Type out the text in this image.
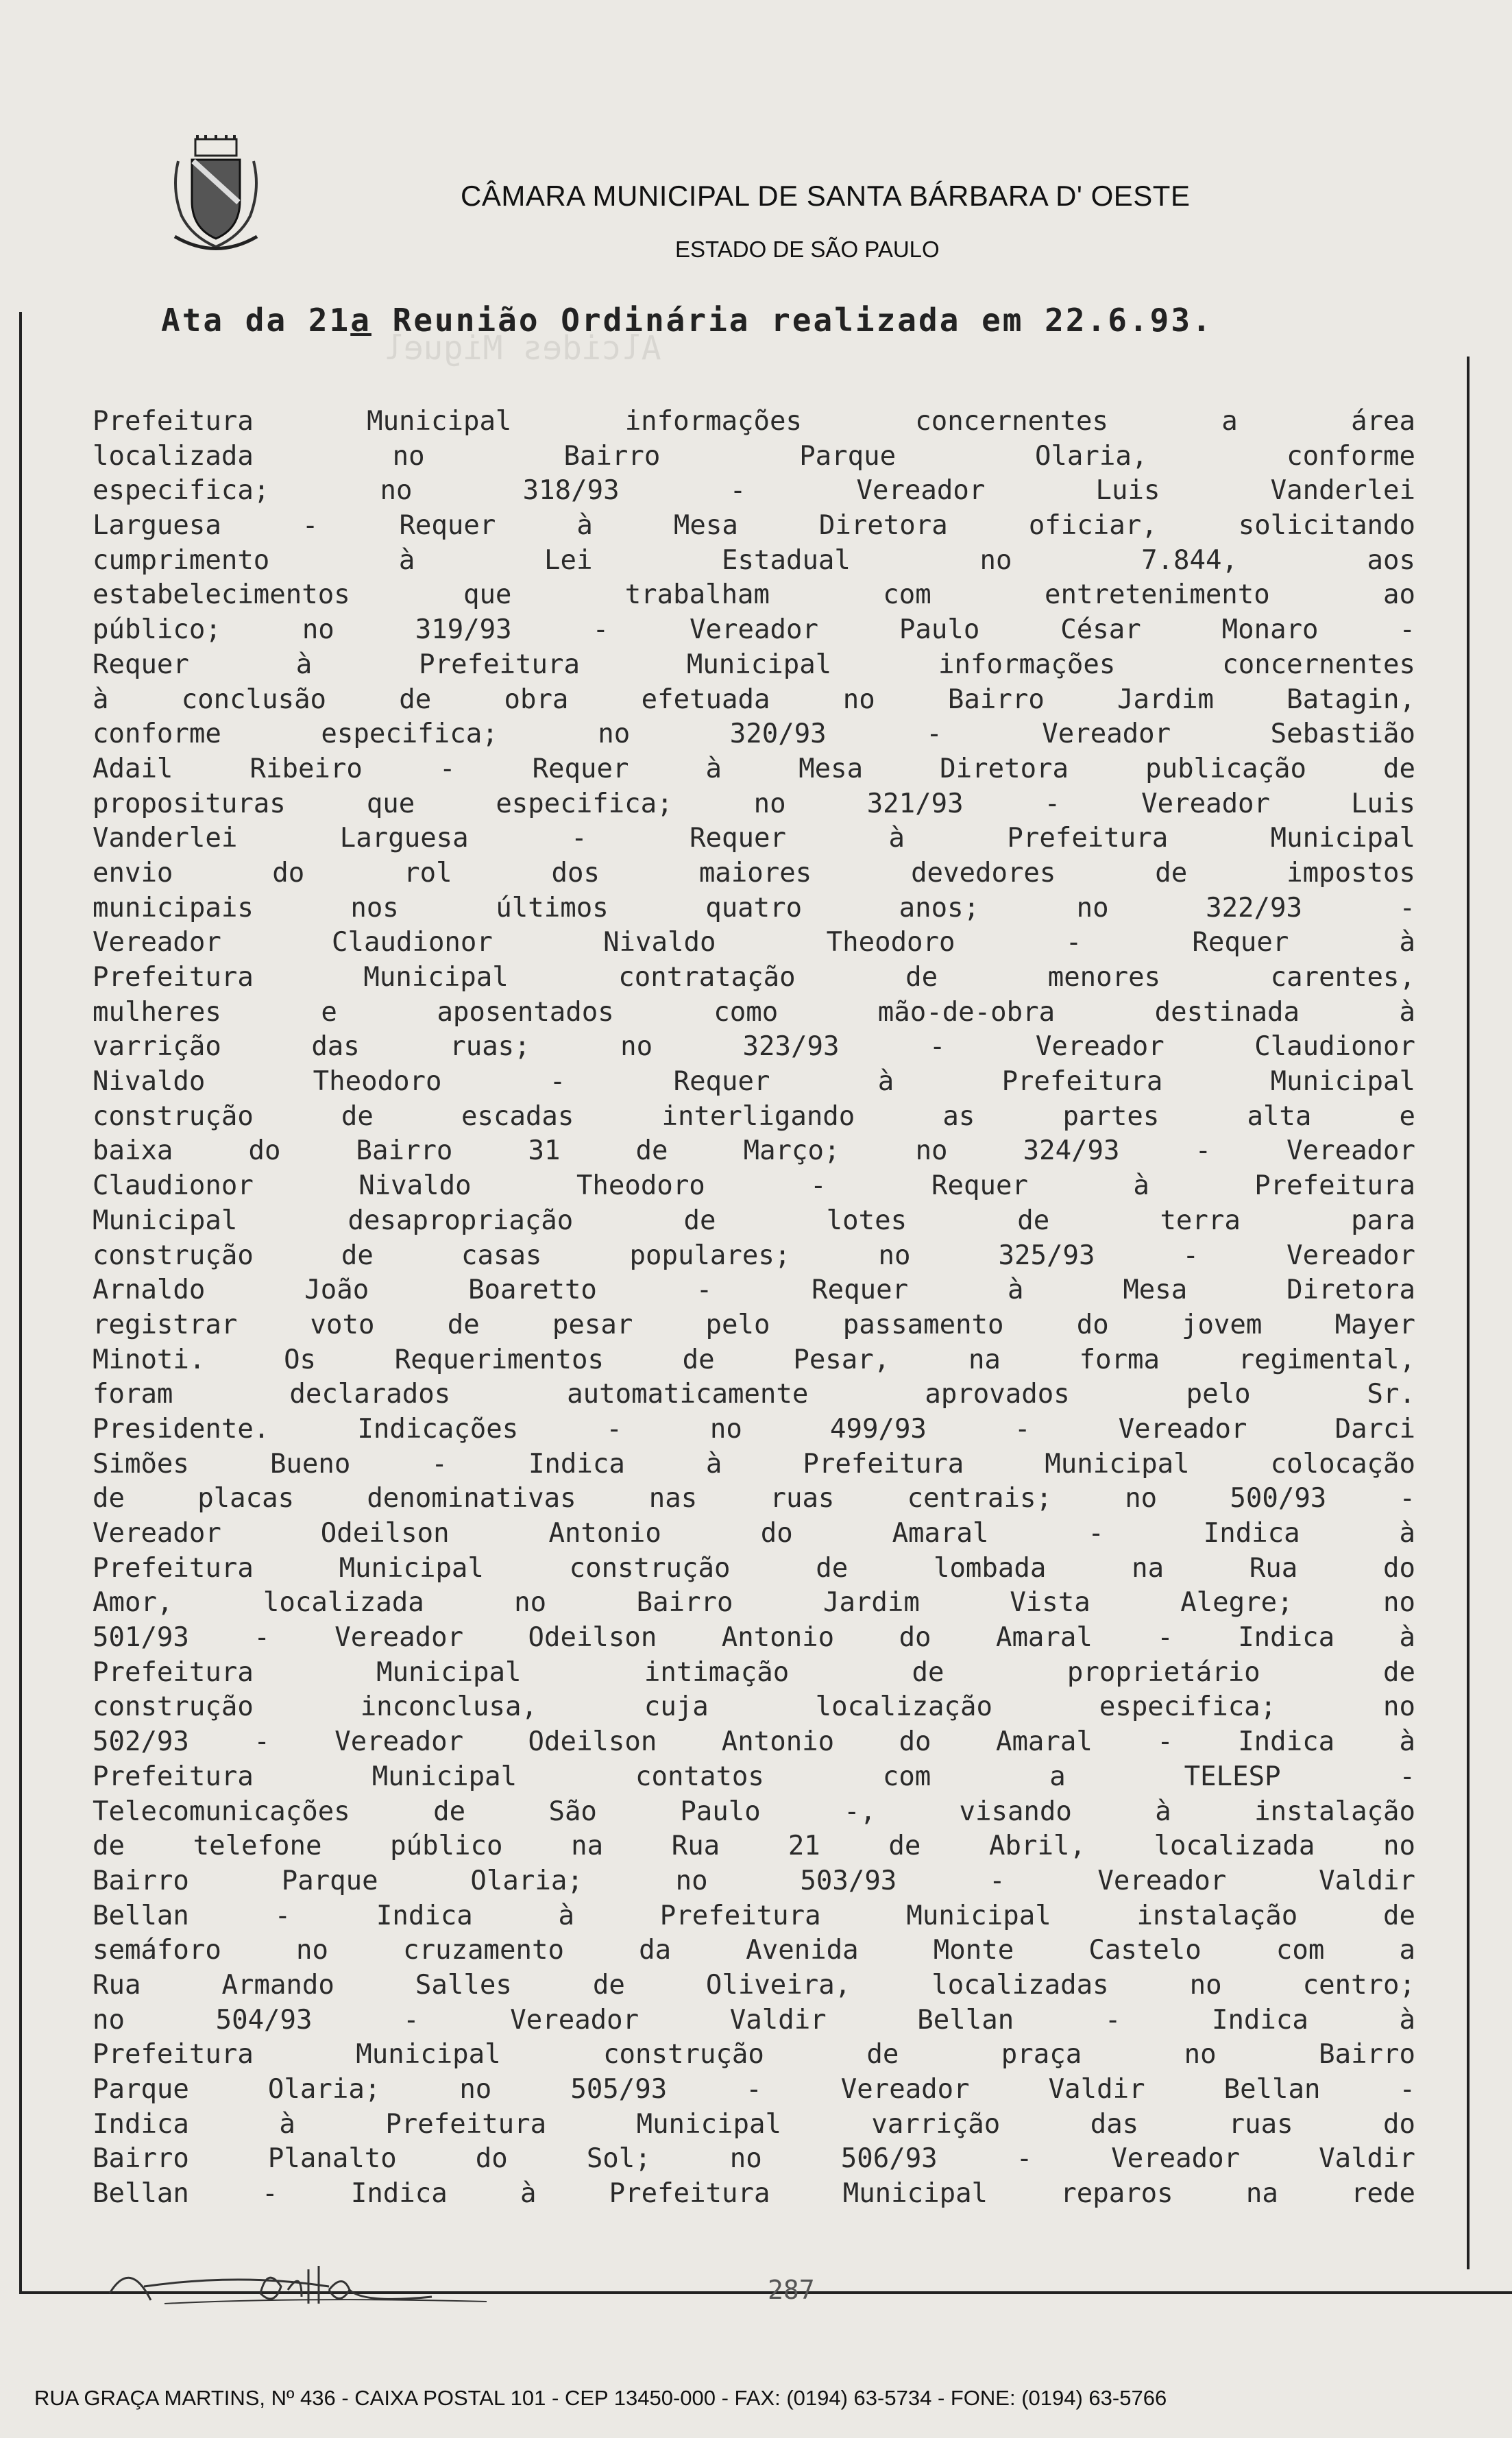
Alcides Miguel
CÂMARA MUNICIPAL DE SANTA BÁRBARA D' OESTE
ESTADO DE SÃO PAULO
Ata da 21a Reunião Ordinária realizada em 22.6.93.
Prefeitura Municipal informações concernentes a área
localizada no Bairro Parque Olaria, conforme
especifica; no 318/93 - Vereador Luis Vanderlei
Larguesa - Requer à Mesa Diretora oficiar, solicitando
cumprimento à Lei Estadual no 7.844, aos
estabelecimentos que trabalham com entretenimento ao
público; no 319/93 - Vereador Paulo César Monaro -
Requer à Prefeitura Municipal informações concernentes
à conclusão de obra efetuada no Bairro Jardim Batagin,
conforme especifica; no 320/93 - Vereador Sebastião
Adail Ribeiro - Requer à Mesa Diretora publicação de
proposituras que especifica; no 321/93 - Vereador Luis
Vanderlei Larguesa - Requer à Prefeitura Municipal
envio do rol dos maiores devedores de impostos
municipais nos últimos quatro anos; no 322/93 -
Vereador Claudionor Nivaldo Theodoro - Requer à
Prefeitura Municipal contratação de menores carentes,
mulheres e aposentados como mão-de-obra destinada à
varrição das ruas; no 323/93 - Vereador Claudionor
Nivaldo Theodoro - Requer à Prefeitura Municipal
construção de escadas interligando as partes alta e
baixa do Bairro 31 de Março; no 324/93 - Vereador
Claudionor Nivaldo Theodoro - Requer à Prefeitura
Municipal desapropriação de lotes de terra para
construção de casas populares; no 325/93 - Vereador
Arnaldo João Boaretto - Requer à Mesa Diretora
registrar voto de pesar pelo passamento do jovem Mayer
Minoti. Os Requerimentos de Pesar, na forma regimental,
foram declarados automaticamente aprovados pelo Sr.
Presidente. Indicações - no 499/93 - Vereador Darci
Simões Bueno - Indica à Prefeitura Municipal colocação
de placas denominativas nas ruas centrais; no 500/93 -
Vereador Odeilson Antonio do Amaral - Indica à
Prefeitura Municipal construção de lombada na Rua do
Amor, localizada no Bairro Jardim Vista Alegre; no
501/93 - Vereador Odeilson Antonio do Amaral - Indica à
Prefeitura Municipal intimação de proprietário de
construção inconclusa, cuja localização especifica; no
502/93 - Vereador Odeilson Antonio do Amaral - Indica à
Prefeitura Municipal contatos com a TELESP -
Telecomunicações de São Paulo -, visando à instalação
de telefone público na Rua 21 de Abril, localizada no
Bairro Parque Olaria; no 503/93 - Vereador Valdir
Bellan - Indica à Prefeitura Municipal instalação de
semáforo no cruzamento da Avenida Monte Castelo com a
Rua Armando Salles de Oliveira, localizadas no centro;
no 504/93 - Vereador Valdir Bellan - Indica à
Prefeitura Municipal construção de praça no Bairro
Parque Olaria; no 505/93 - Vereador Valdir Bellan -
Indica à Prefeitura Municipal varrição das ruas do
Bairro Planalto do Sol; no 506/93 - Vereador Valdir
Bellan - Indica à Prefeitura Municipal reparos na rede
287
RUA GRAÇA MARTINS, Nº 436 - CAIXA POSTAL 101 - CEP 13450-000 - FAX: (0194) 63-5734 - FONE: (0194) 63-5766
